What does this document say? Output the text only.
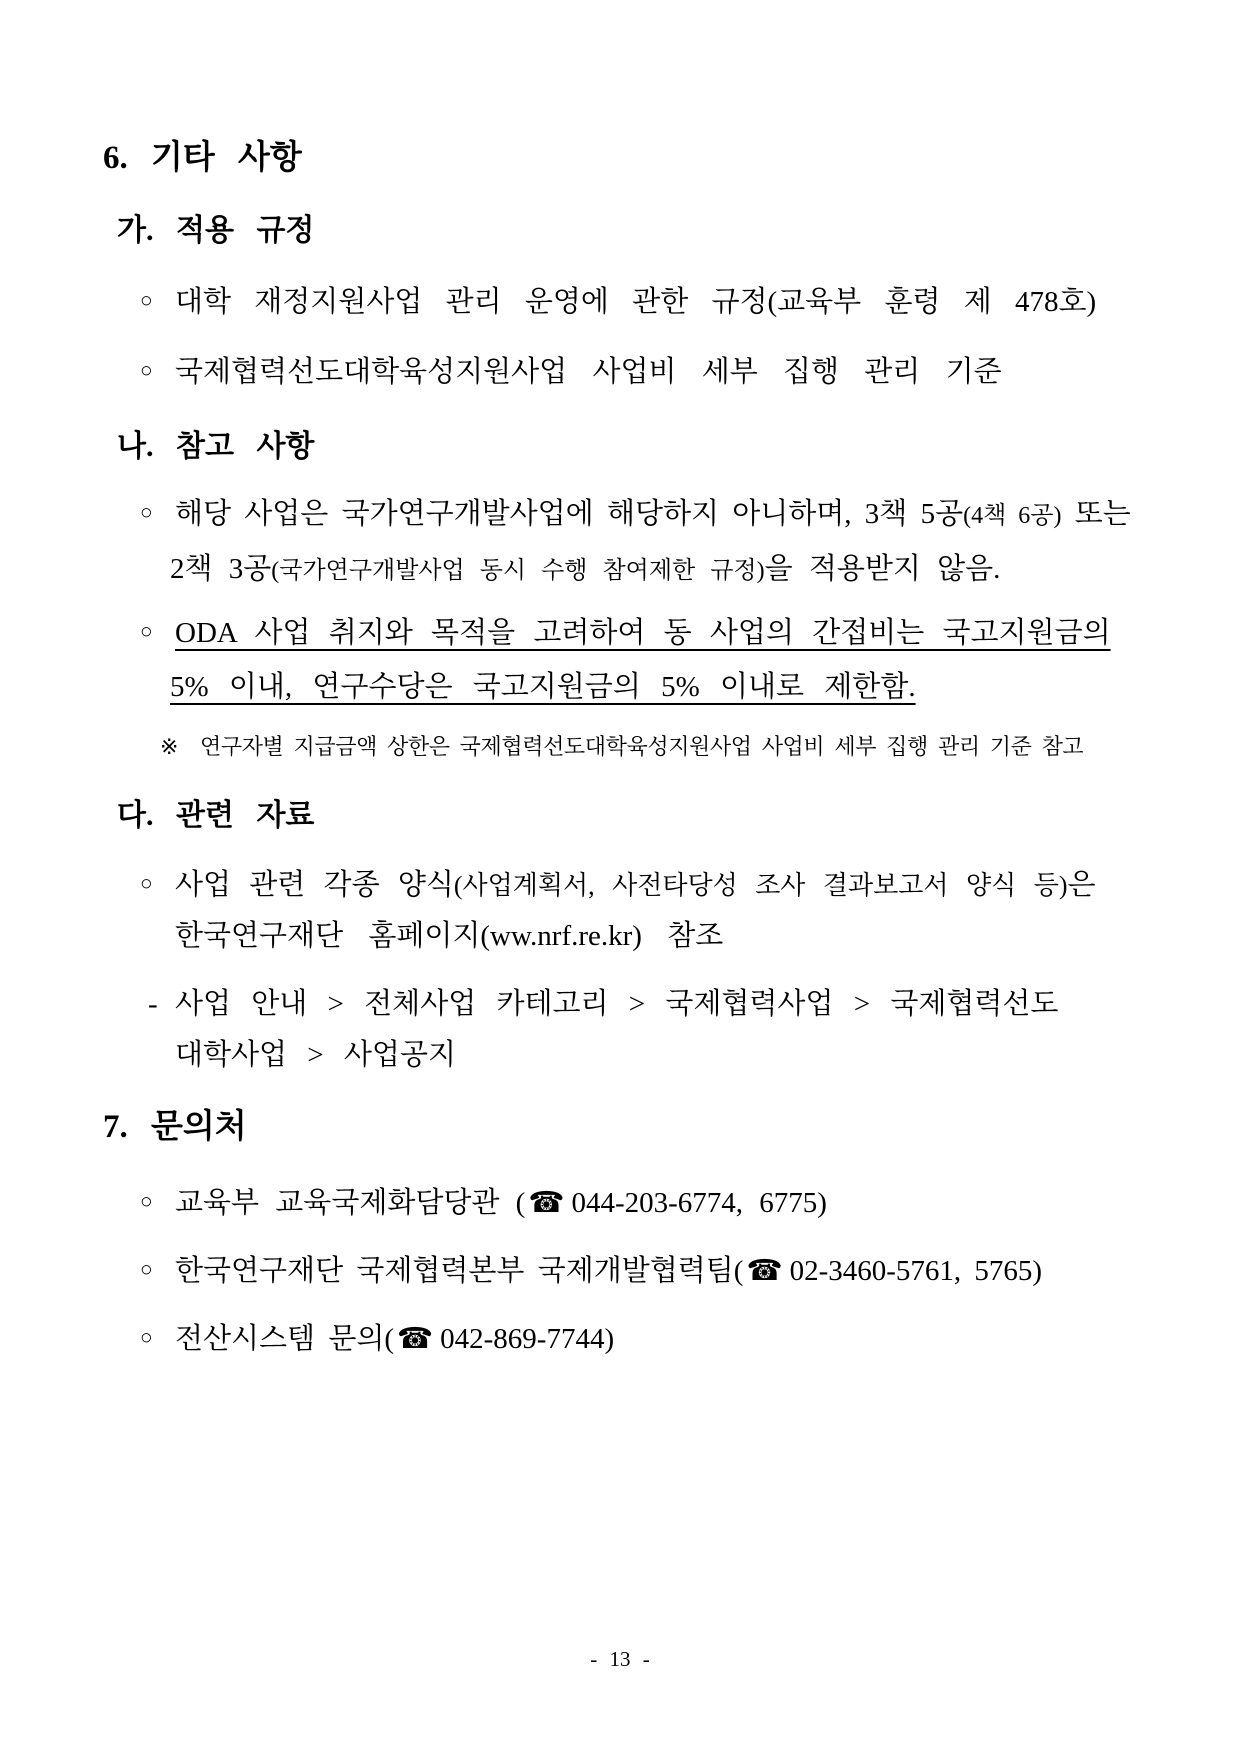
6. 기타 사항
가. 적용 규정
○ 대학 재정지원사업 관리 운영에 관한 규정(교육부 훈령 제 478호)
○ 국제협력선도대학육성지원사업 사업비 세부 집행 관리 기준
나. 참고 사항
○ 해당 사업은 국가연구개발사업에 해당하지 아니하며, 3책 5공(4책 6공) 또는
2책 3공(국가연구개발사업 동시 수행 참여제한 규정)을 적용받지 않음.
○ ODA 사업 취지와 목적을 고려하여 동 사업의 간접비는 국고지원금의
5% 이내, 연구수당은 국고지원금의 5% 이내로 제한함.
※ 연구자별 지급금액 상한은 국제협력선도대학육성지원사업 사업비 세부 집행 관리 기준 참고
다. 관련 자료
○ 사업 관련 각종 양식(사업계획서, 사전타당성 조사 결과보고서 양식 등)은
한국연구재단 홈페이지(ww.nrf.re.kr) 참조
- 사업 안내 > 전체사업 카테고리 > 국제협력사업 > 국제협력선도
대학사업 > 사업공지
7. 문의처
○ 교육부 교육국제화담당관 ( ☎ 044-203-6774, 6775)
○ 한국연구재단 국제협력본부 국제개발협력팀( ☎ 02-3460-5761, 5765)
○ 전산시스템 문의( ☎ 042-869-7744)
- 13 -
